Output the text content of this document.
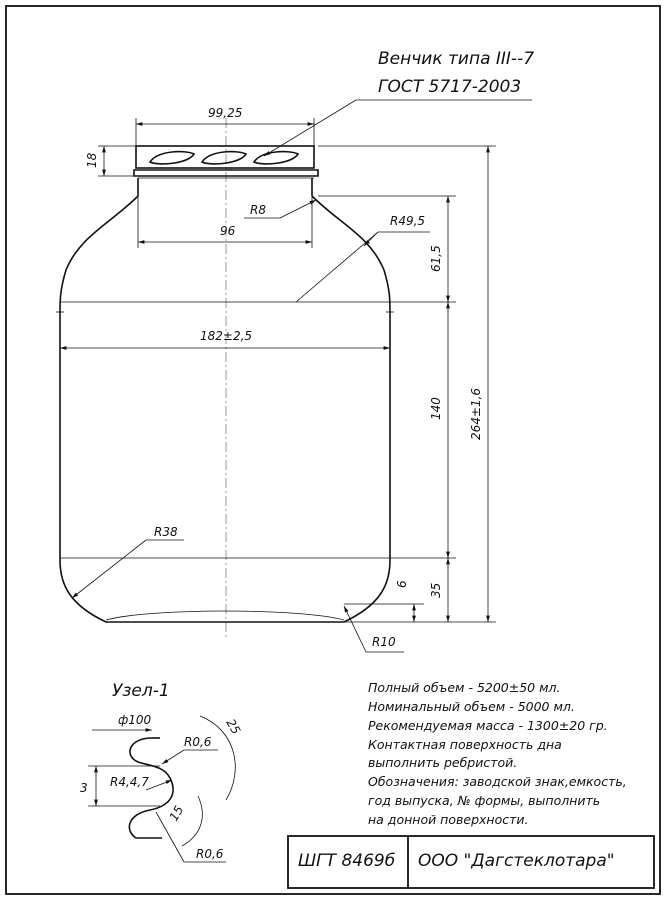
Венчик типа III--7
ГОСТ 5717-2003
99,25
18
R8
96
R49,5
61,5
182±2,5
140 264±1,6
R38
35
6
R10
Узел-1
ф100
3 R4,4,7
R0,6
25
15
R0,6
Полный объем - 5200±50 мл.
Номинальный объем - 5000 мл.
Рекомендуемая масса - 1300±20 гр.
Контактная поверхность дна
выполнить ребристой.
Обозначения: заводской знак,емкость,
год выпуска, № формы, выполнить
на донной поверхности.
ШГТ 8469б ООО "Дагстеклотара"
